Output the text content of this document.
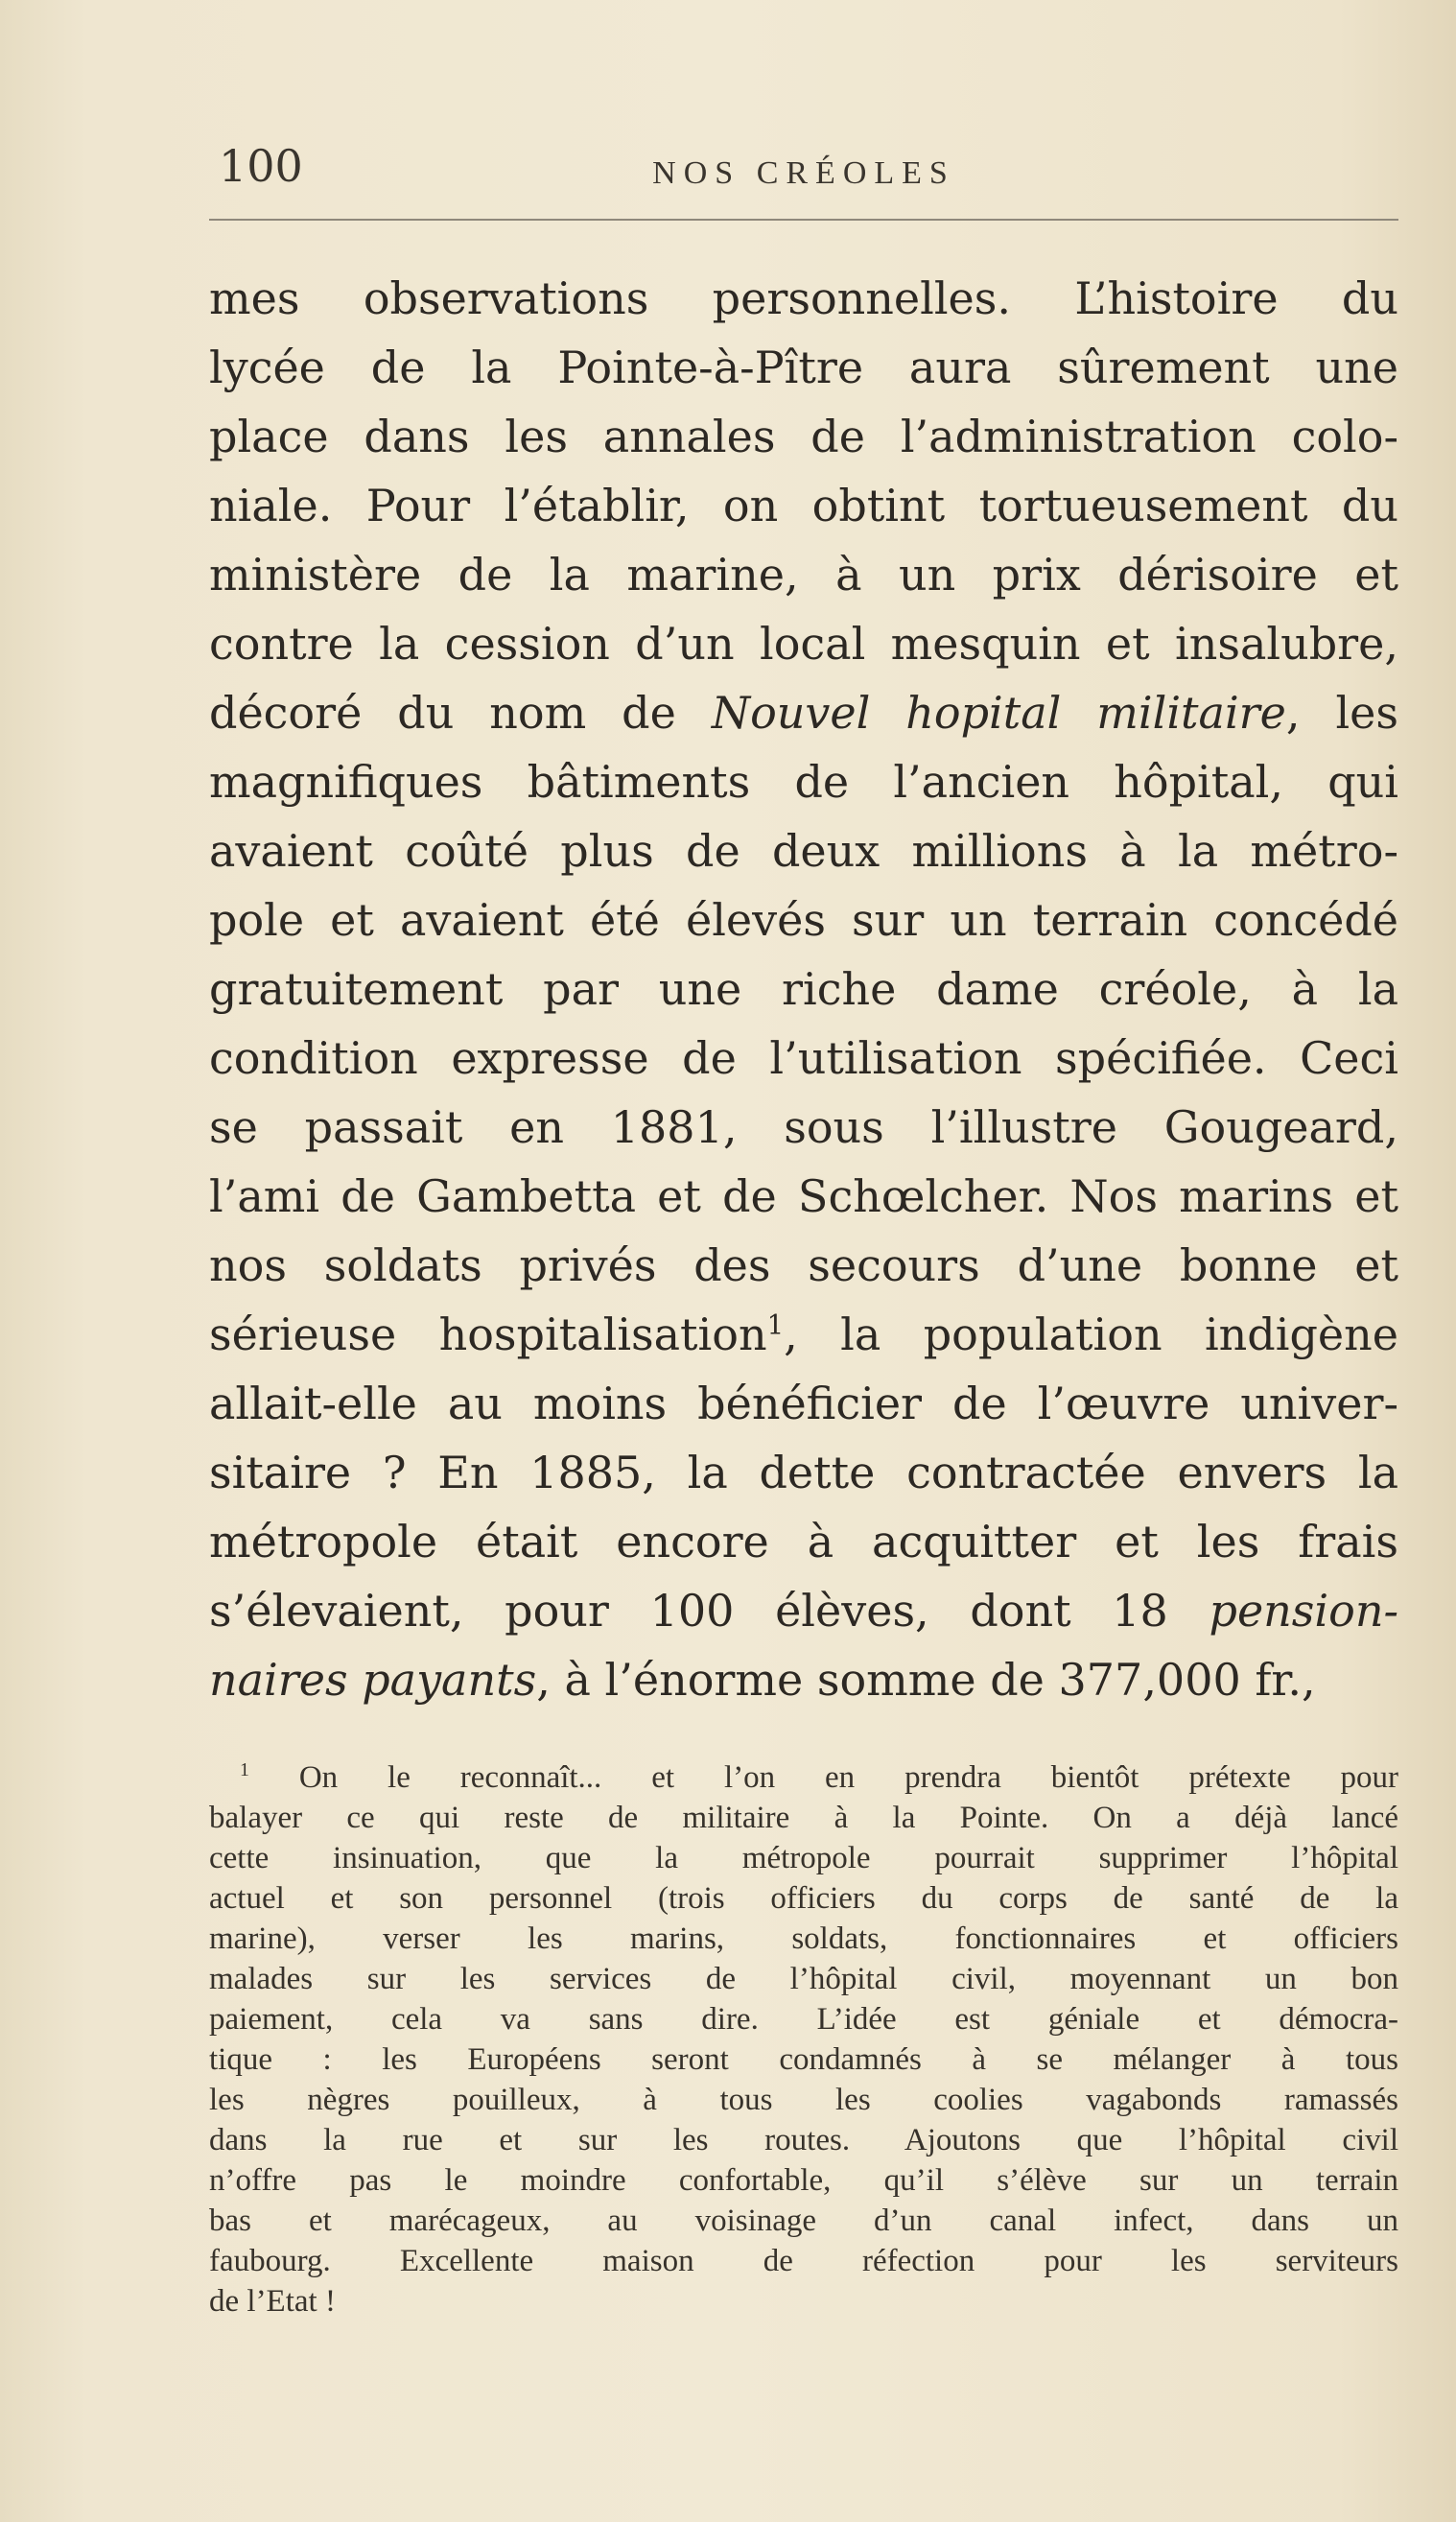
100	NOS CRÉOLES
mes observations personnelles. L’histoire du
lycée de la Pointe-à-Pître aura sûrement une
place dans les annales de l’administration colo-
niale. Pour l’établir, on obtint tortueusement du
ministère de la marine, à un prix dérisoire et
contre la cession d’un local mesquin et insalubre,
décoré du nom de Nouvel hopital militaire, les
magnifiques bâtiments de l’ancien hôpital, qui
avaient coûté plus de deux millions à la métro-
pole et avaient été élevés sur un terrain concédé
gratuitement par une riche dame créole, à la
condition expresse de l’utilisation spécifiée. Ceci
se passait en 1881, sous l’illustre Gougeard,
l’ami de Gambetta et de Schœlcher. Nos marins et
nos soldats privés des secours d’une bonne et
sérieuse hospitalisation$^1$, la population indigène
allait-elle au moins bénéficier de l’œuvre univer-
sitaire ? En 1885, la dette contractée envers la
métropole était encore à acquitter et les frais
s’élevaient, pour 100 élèves, dont 18 pension-
naires payants, à l’énorme somme de 377,000 fr.,
$^1$ On le reconnaît... et l’on en prendra bientôt prétexte pour
balayer ce qui reste de militaire à la Pointe. On a déjà lancé
cette insinuation, que la métropole pourrait supprimer l’hôpital
actuel et son personnel (trois officiers du corps de santé de la
marine), verser les marins, soldats, fonctionnaires et officiers
malades sur les services de l’hôpital civil, moyennant un bon
paiement, cela va sans dire. L’idée est géniale et démocra-
tique : les Européens seront condamnés à se mélanger à tous
les nègres pouilleux, à tous les coolies vagabonds ramassés
dans la rue et sur les routes. Ajoutons que l’hôpital civil
n’offre pas le moindre confortable, qu’il s’élève sur un terrain
bas et marécageux, au voisinage d’un canal infect, dans un
faubourg. Excellente maison de réfection pour les serviteurs
de l’Etat !
